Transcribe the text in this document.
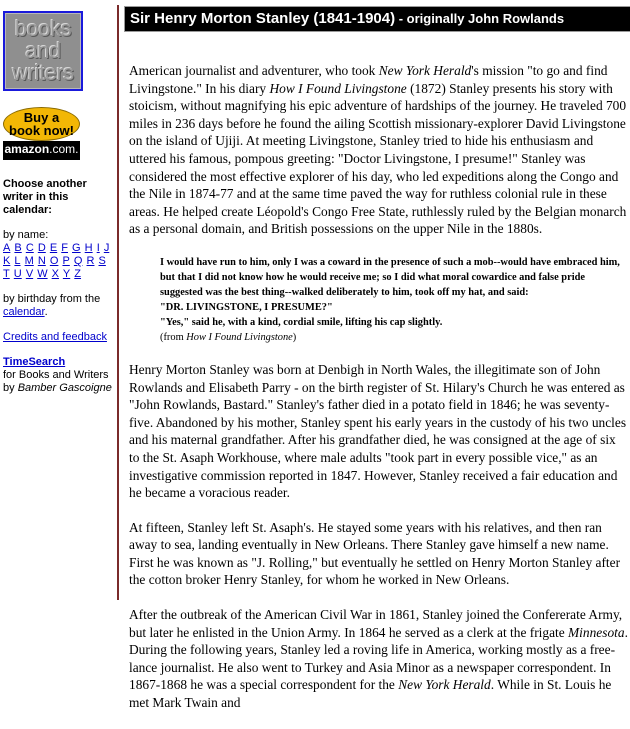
books
and
writers
Buy a
book now!
amazon.com.

Choose another writer in this calendar:

by name:

A B C D E F G H I J K L M N O P Q R S T U V W X Y Z

by birthday from the calendar.

Credits and feedback

TimeSearch

for Books and Writers

by Bamber Gascoigne

Sir Henry Morton Stanley (1841-1904) - originally John Rowlands

American journalist and adventurer, who took New York Herald's mission "to go and find Livingstone." In his diary How I Found Livingstone (1872) Stanley presents his story with stoicism, without magnifying his epic adventure of hardships of the journey. He traveled 700 miles in 236 days before he found the ailing Scottish missionary-explorer David Livingstone on the island of Ujiji. At meeting Livingstone, Stanley tried to hide his enthusiasm and uttered his famous, pompous greeting: "Doctor Livingstone, I presume!" Stanley was considered the most effective explorer of his day, who led expeditions along the Congo and the Nile in 1874-77 and at the same time paved the way for ruthless colonial rule in these areas. He helped create Léopold's Congo Free State, ruthlessly ruled by the Belgian monarch as a personal domain, and British possessions on the upper Nile in the 1880s.

I would have run to him, only I was a coward in the presence of such a mob--would have embraced him, but that I did not know how he would receive me; so I did what moral cowardice and false pride suggested was the best thing--walked deliberately to him, took off my hat, and said:
"DR. LIVINGSTONE, I PRESUME?"
"Yes," said he, with a kind, cordial smile, lifting his cap slightly.
(from How I Found Livingstone)

Henry Morton Stanley was born at Denbigh in North Wales, the illegitimate son of John Rowlands and Elisabeth Parry - on the birth register of St. Hilary's Church he was entered as "John Rowlands, Bastard." Stanley's father died in a potato field in 1846; he was seventy-five. Abandoned by his mother, Stanley spent his early years in the custody of his two uncles and his maternal grandfather. After his grandfather died, he was consigned at the age of six to the St. Asaph Workhouse, where male adults "took part in every possible vice," as an investigative commission reported in 1847. However, Stanley received a fair education and he became a voracious reader.

At fifteen, Stanley left St. Asaph's. He stayed some years with his relatives, and then ran away to sea, landing eventually in New Orleans. There Stanley gave himself a new name. First he was known as "J. Rolling," but eventually he settled on Henry Morton Stanley after the cotton broker Henry Stanley, for whom he worked in New Orleans.

After the outbreak of the American Civil War in 1861, Stanley joined the Confererate Army, but later he enlisted in the Union Army. In 1864 he served as a clerk at the frigate Minnesota. During the following years, Stanley led a roving life in America, working mostly as a free-lance journalist. He also went to Turkey and Asia Minor as a newspaper correspondent. In 1867-1868 he was a special correspondent for the New York Herald. While in St. Louis he met Mark Twain and
